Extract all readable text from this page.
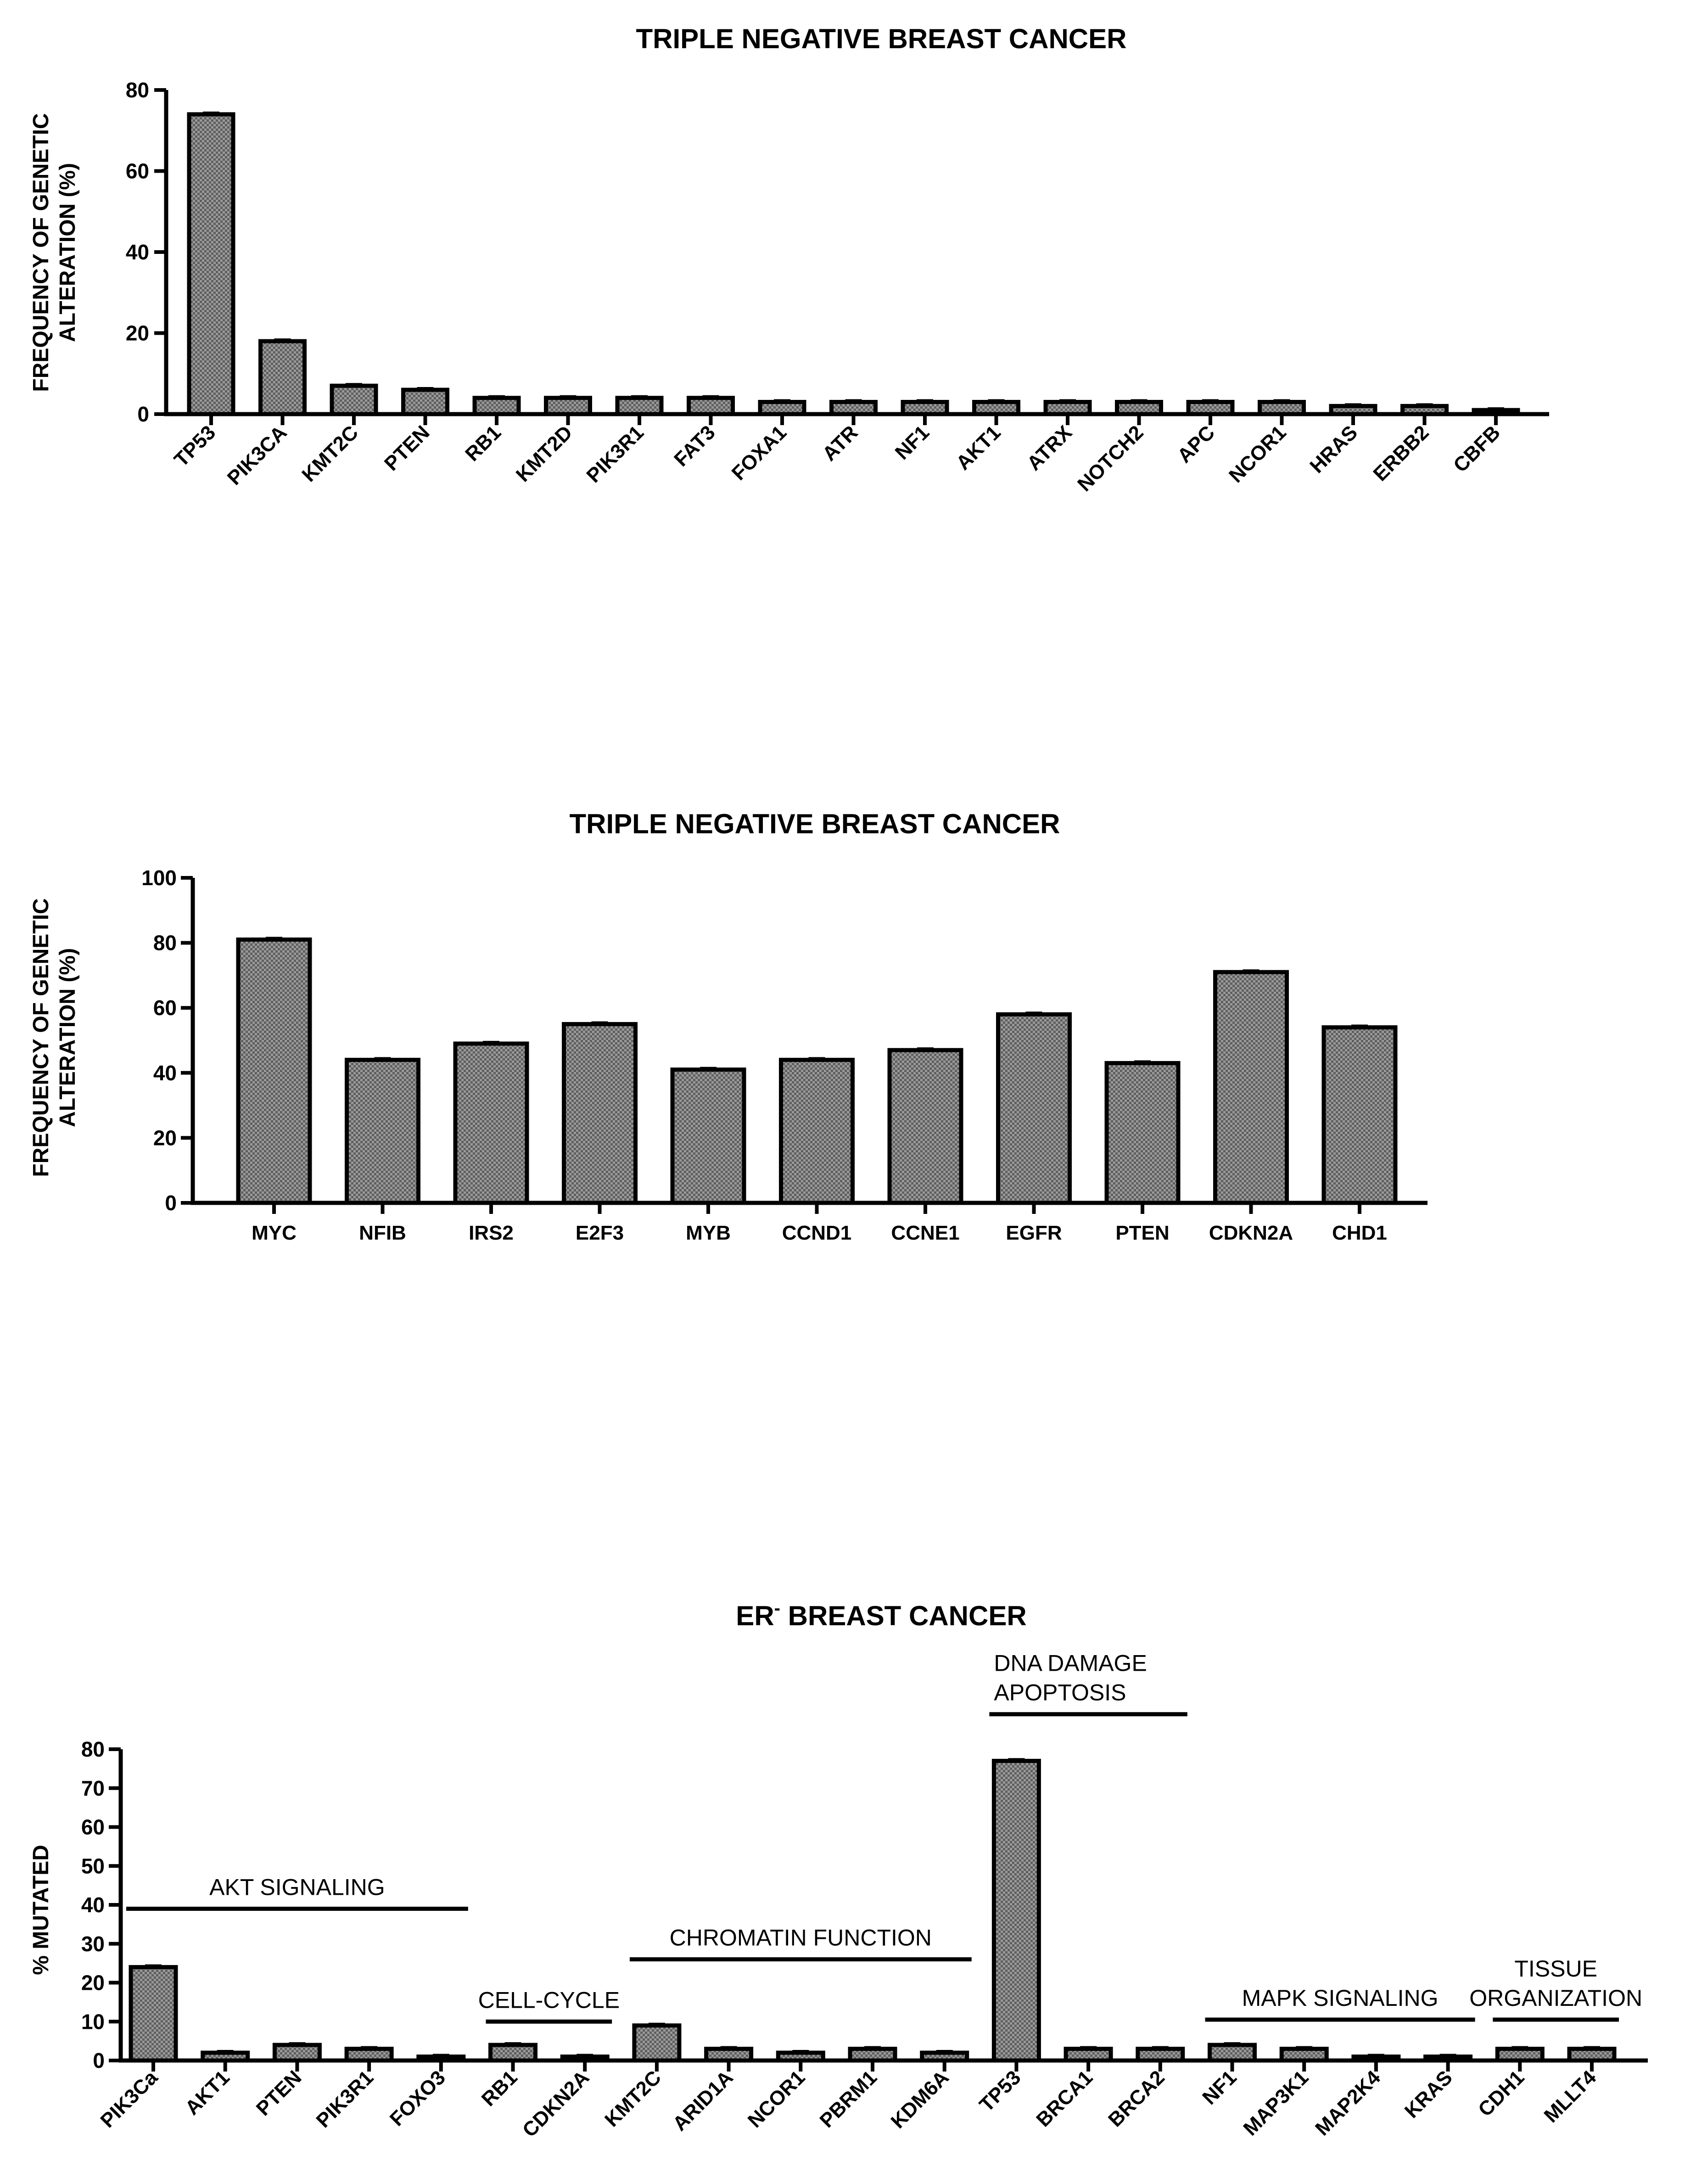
TRIPLE NEGATIVE BREAST CANCER
FREQUENCY OF GENETIC ALTERATION (%)
0
20
40
60
80
TP53 PIK3CA KMT2C PTEN RB1 KMT2D PIK3R1 FAT3 FOXA1 ATR NF1 AKT1 ATRX
NOTCH2 APC NCOR1 HRAS ERBB2 CBFB
TRIPLE NEGATIVE BREAST CANCER
FREQUENCY OF GENETIC ALTERATION (%)
0
20
40
60
80
100
MYC	NFIB	IRS2	E2F3	MYB	CCND1 CCNE1 EGFR	PTEN CDKN2A CHD1
ER- BREAST CANCER
% MUTATED
0
10
20
30
40
50
60
70
80
AKT SIGNALING
CELL-CYCLE
CHROMATIN FUNCTION
DNA DAMAGE
APOPTOSIS
MAPK SIGNALING
TISSUE
ORGANIZATION
PIK3Ca AKT1 PTEN PIK3R1 FOXO3 RB1
CDKN2A KMT2C ARID1A NCOR1 PBRM1 KDM6A TP53 BRCA1 BRCA2 NF1
MAP3K1
MAP2K4 KRAS CDH1 MLLT4
